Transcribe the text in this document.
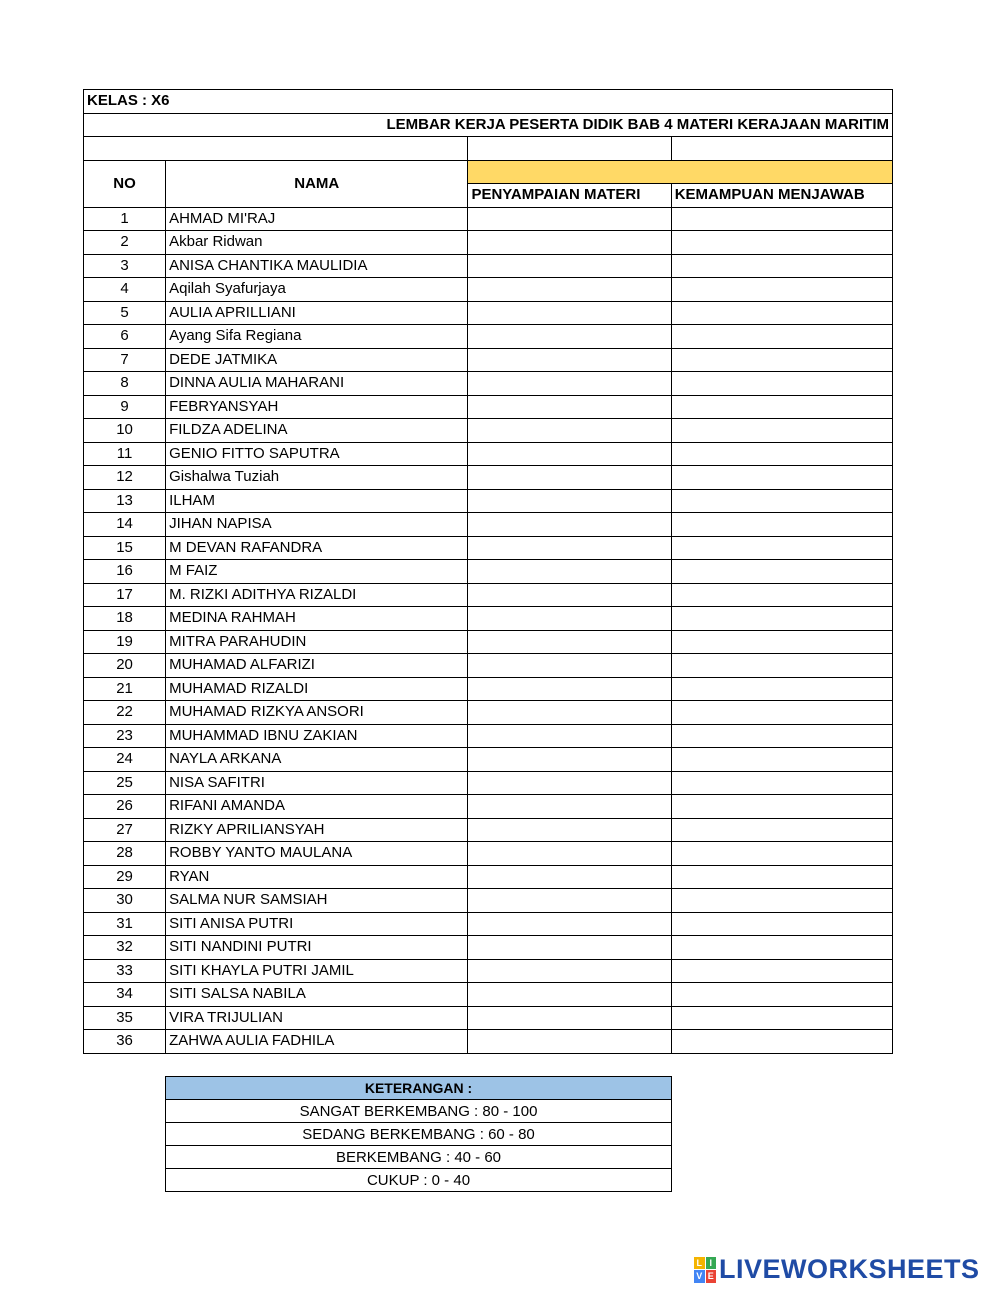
KELAS : X6			
LEMBAR KERJA PESERTA DIDIK BAB 4 MATERI KERAJAAN MARITIM			

NO	NAMA		
		PENYAMPAIAN MATERI	KEMAMPUAN MENJAWAB
1	AHMAD MI'RAJ		
2	Akbar Ridwan		
3	ANISA CHANTIKA MAULIDIA		
4	Aqilah Syafurjaya		
5	AULIA APRILLIANI		
6	Ayang Sifa Regiana		
7	DEDE JATMIKA		
8	DINNA AULIA MAHARANI		
9	FEBRYANSYAH		
10	FILDZA ADELINA		
11	GENIO FITTO SAPUTRA		
12	Gishalwa Tuziah		
13	ILHAM		
14	JIHAN NAPISA		
15	M DEVAN RAFANDRA		
16	M FAIZ		
17	M. RIZKI ADITHYA RIZALDI		
18	MEDINA RAHMAH		
19	MITRA PARAHUDIN		
20	MUHAMAD ALFARIZI		
21	MUHAMAD RIZALDI		
22	MUHAMAD RIZKYA ANSORI		
23	MUHAMMAD IBNU ZAKIAN		
24	NAYLA ARKANA		
25	NISA SAFITRI		
26	RIFANI AMANDA		
27	RIZKY APRILIANSYAH		
28	ROBBY YANTO MAULANA		
29	RYAN		
30	SALMA NUR SAMSIAH		
31	SITI ANISA PUTRI		
32	SITI NANDINI PUTRI		
33	SITI KHAYLA PUTRI JAMIL		
34	SITI SALSA NABILA		
35	VIRA TRIJULIAN		
36	ZAHWA AULIA FADHILA		
KETERANGAN :
SANGAT BERKEMBANG : 80 - 100
SEDANG BERKEMBANG : 60 - 80
BERKEMBANG : 40 - 60
CUKUP : 0 - 40
L I
V E LIVEWORKSHEETS
